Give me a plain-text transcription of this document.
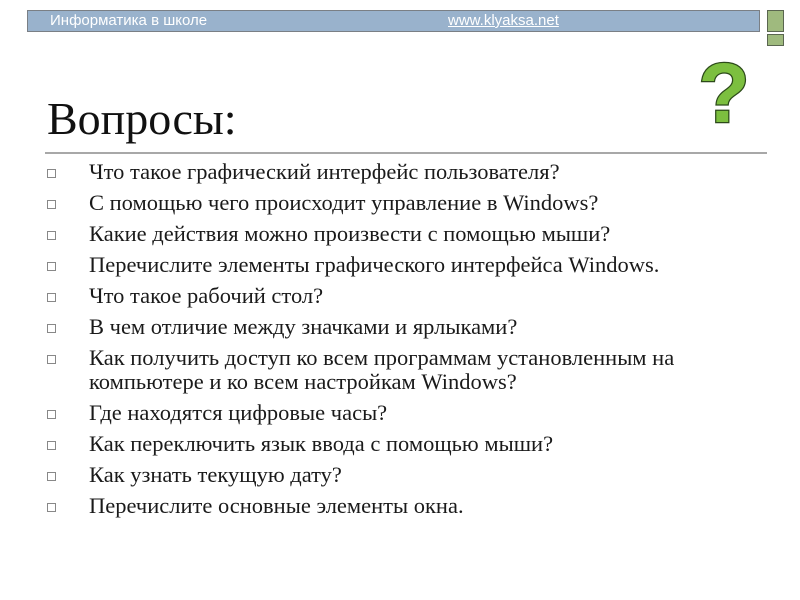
Информатика в школе	www.klyaksa.net
?
Вопросы:
Что такое графический интерфейс пользователя?
С помощью чего происходит управление в Windows?
Какие действия можно произвести с помощью мыши?
Перечислите элементы графического интерфейса Windows.
Что такое рабочий стол?
В чем отличие между значками и ярлыками?
Как получить доступ ко всем программам установленным на компьютере и ко всем настройкам Windows?
Где находятся цифровые часы?
Как переключить язык ввода с помощью мыши?
Как узнать текущую дату?
Перечислите основные элементы окна.
